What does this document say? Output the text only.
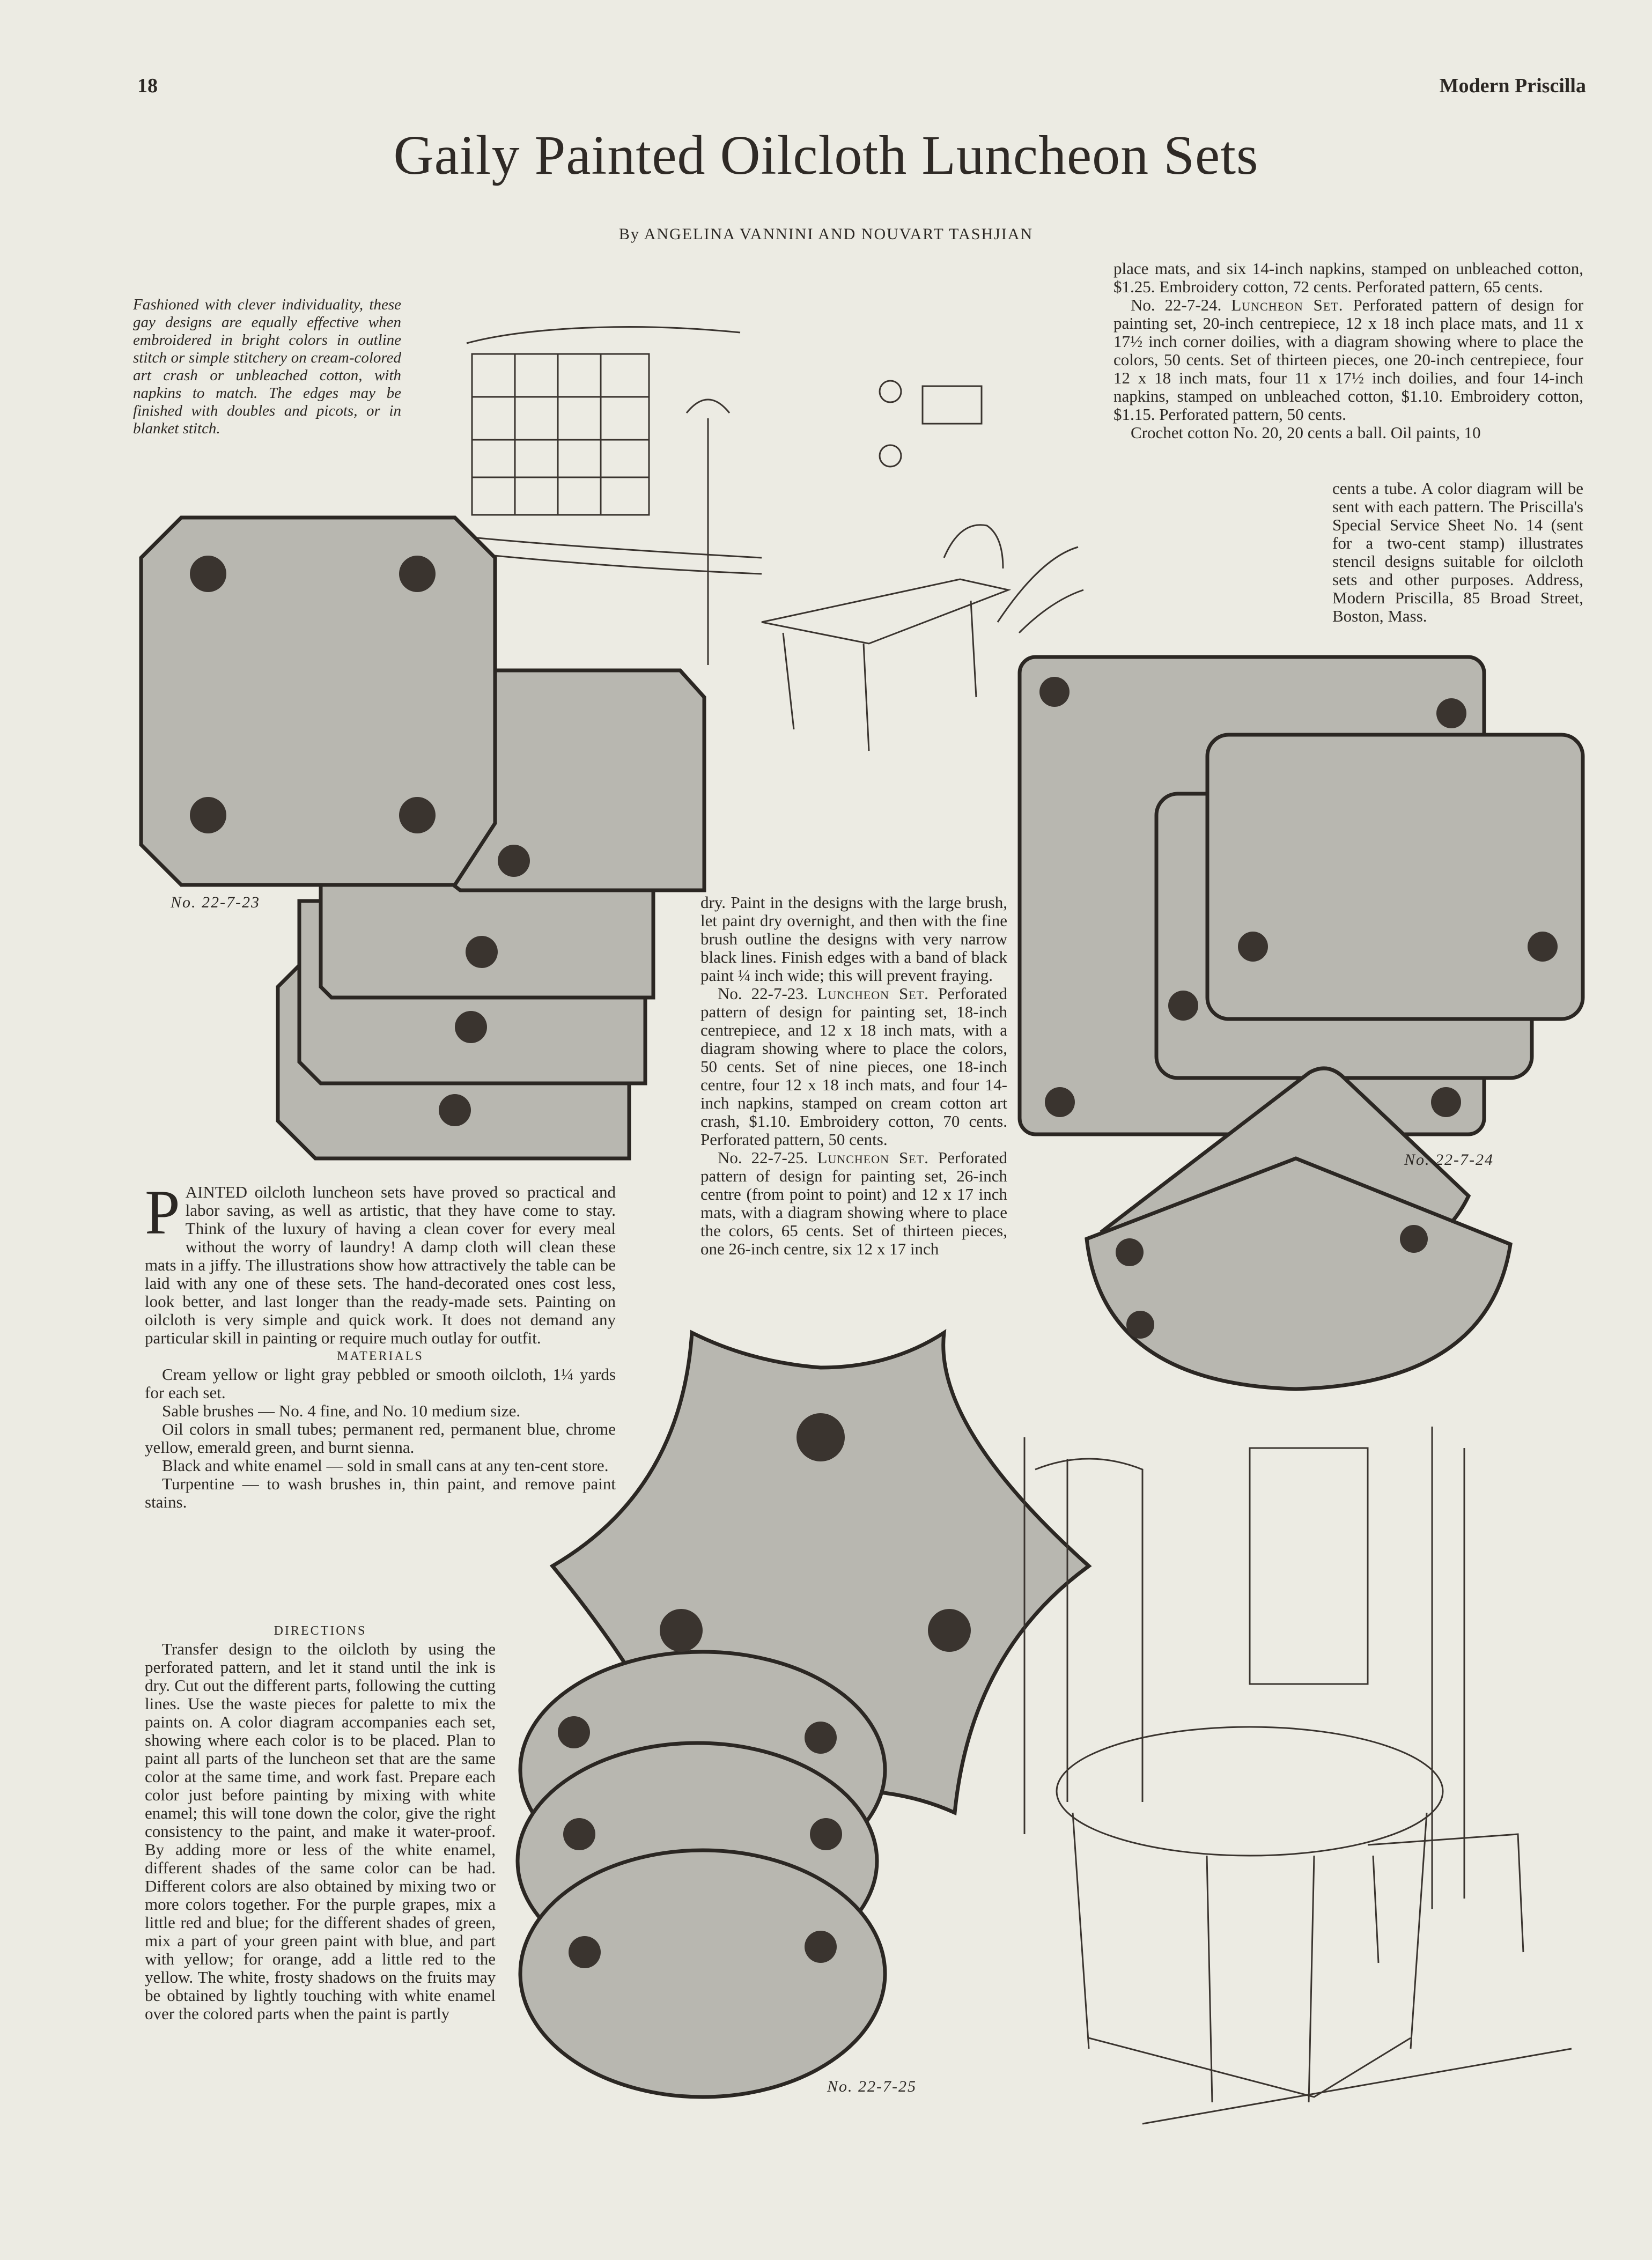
18	Modern Priscilla
Gaily Painted Oilcloth Luncheon Sets
By ANGELINA VANNINI AND NOUVART TASHJIAN
Fashioned with clever individuality, these gay designs are equally effective when embroidered in bright colors in outline stitch or simple stitchery on cream-colored art crash or unbleached cotton, with napkins to match. The edges may be finished with doubles and picots, or in blanket stitch.

place mats, and six 14-inch napkins, stamped on unbleached cotton, $1.25. Embroidery cotton, 72 cents. Perforated pattern, 65 cents.

No. 22-7-24. Luncheon Set. Perforated pattern of design for painting set, 20-inch centrepiece, 12 x 18 inch place mats, and 11 x 17½ inch corner doilies, with a diagram showing where to place the colors, 50 cents. Set of thirteen pieces, one 20-inch centrepiece, four 12 x 18 inch mats, four 11 x 17½ inch doilies, and four 14-inch napkins, stamped on unbleached cotton, $1.10. Embroidery cotton, $1.15. Perforated pattern, 50 cents.

Crochet cotton No. 20, 20 cents a ball. Oil paints, 10

cents a tube. A color diagram will be sent with each pattern. The Priscilla's Special Service Sheet No. 14 (sent for a two-cent stamp) illustrates stencil designs suitable for oilcloth sets and other purposes. Address, Modern Priscilla, 85 Broad Street, Boston, Mass.

dry. Paint in the designs with the large brush, let paint dry overnight, and then with the fine brush outline the designs with very narrow black lines. Finish edges with a band of black paint ¼ inch wide; this will prevent fraying.

No. 22-7-23. Luncheon Set. Perforated pattern of design for painting set, 18-inch centrepiece, and 12 x 18 inch mats, with a diagram showing where to place the colors, 50 cents. Set of nine pieces, one 18-inch centre, four 12 x 18 inch mats, and four 14-inch napkins, stamped on cream cotton art crash, $1.10. Embroidery cotton, 70 cents. Perforated pattern, 50 cents.

No. 22-7-25. Luncheon Set. Perforated pattern of design for painting set, 26-inch centre (from point to point) and 12 x 17 inch mats, with a diagram showing where to place the colors, 65 cents. Set of thirteen pieces, one 26-inch centre, six 12 x 17 inch

PAINTED oilcloth luncheon sets have proved so practical and labor saving, as well as artistic, that they have come to stay. Think of the luxury of having a clean cover for every meal without the worry of laundry! A damp cloth will clean these mats in a jiffy. The illustrations show how attractively the table can be laid with any one of these sets. The hand-decorated ones cost less, look better, and last longer than the ready-made sets. Painting on oilcloth is very simple and quick work. It does not demand any particular skill in painting or require much outlay for outfit.

MATERIALS

Cream yellow or light gray pebbled or smooth oilcloth, 1¼ yards for each set.

Sable brushes — No. 4 fine, and No. 10 medium size.

Oil colors in small tubes; permanent red, permanent blue, chrome yellow, emerald green, and burnt sienna.

Black and white enamel — sold in small cans at any ten-cent store.

Turpentine — to wash brushes in, thin paint, and remove paint stains.

DIRECTIONS

Transfer design to the oilcloth by using the perforated pattern, and let it stand until the ink is dry. Cut out the different parts, following the cutting lines. Use the waste pieces for palette to mix the paints on. A color diagram accompanies each set, showing where each color is to be placed. Plan to paint all parts of the luncheon set that are the same color at the same time, and work fast. Prepare each color just before painting by mixing with white enamel; this will tone down the color, give the right consistency to the paint, and make it water-proof. By adding more or less of the white enamel, different shades of the same color can be had. Different colors are also obtained by mixing two or more colors together. For the purple grapes, mix a little red and blue; for the different shades of green, mix a part of your green paint with blue, and part with yellow; for orange, add a little red to the yellow. The white, frosty shadows on the fruits may be obtained by lightly touching with white enamel over the colored parts when the paint is partly

No. 22-7-23
No. 22-7-24
No. 22-7-25
